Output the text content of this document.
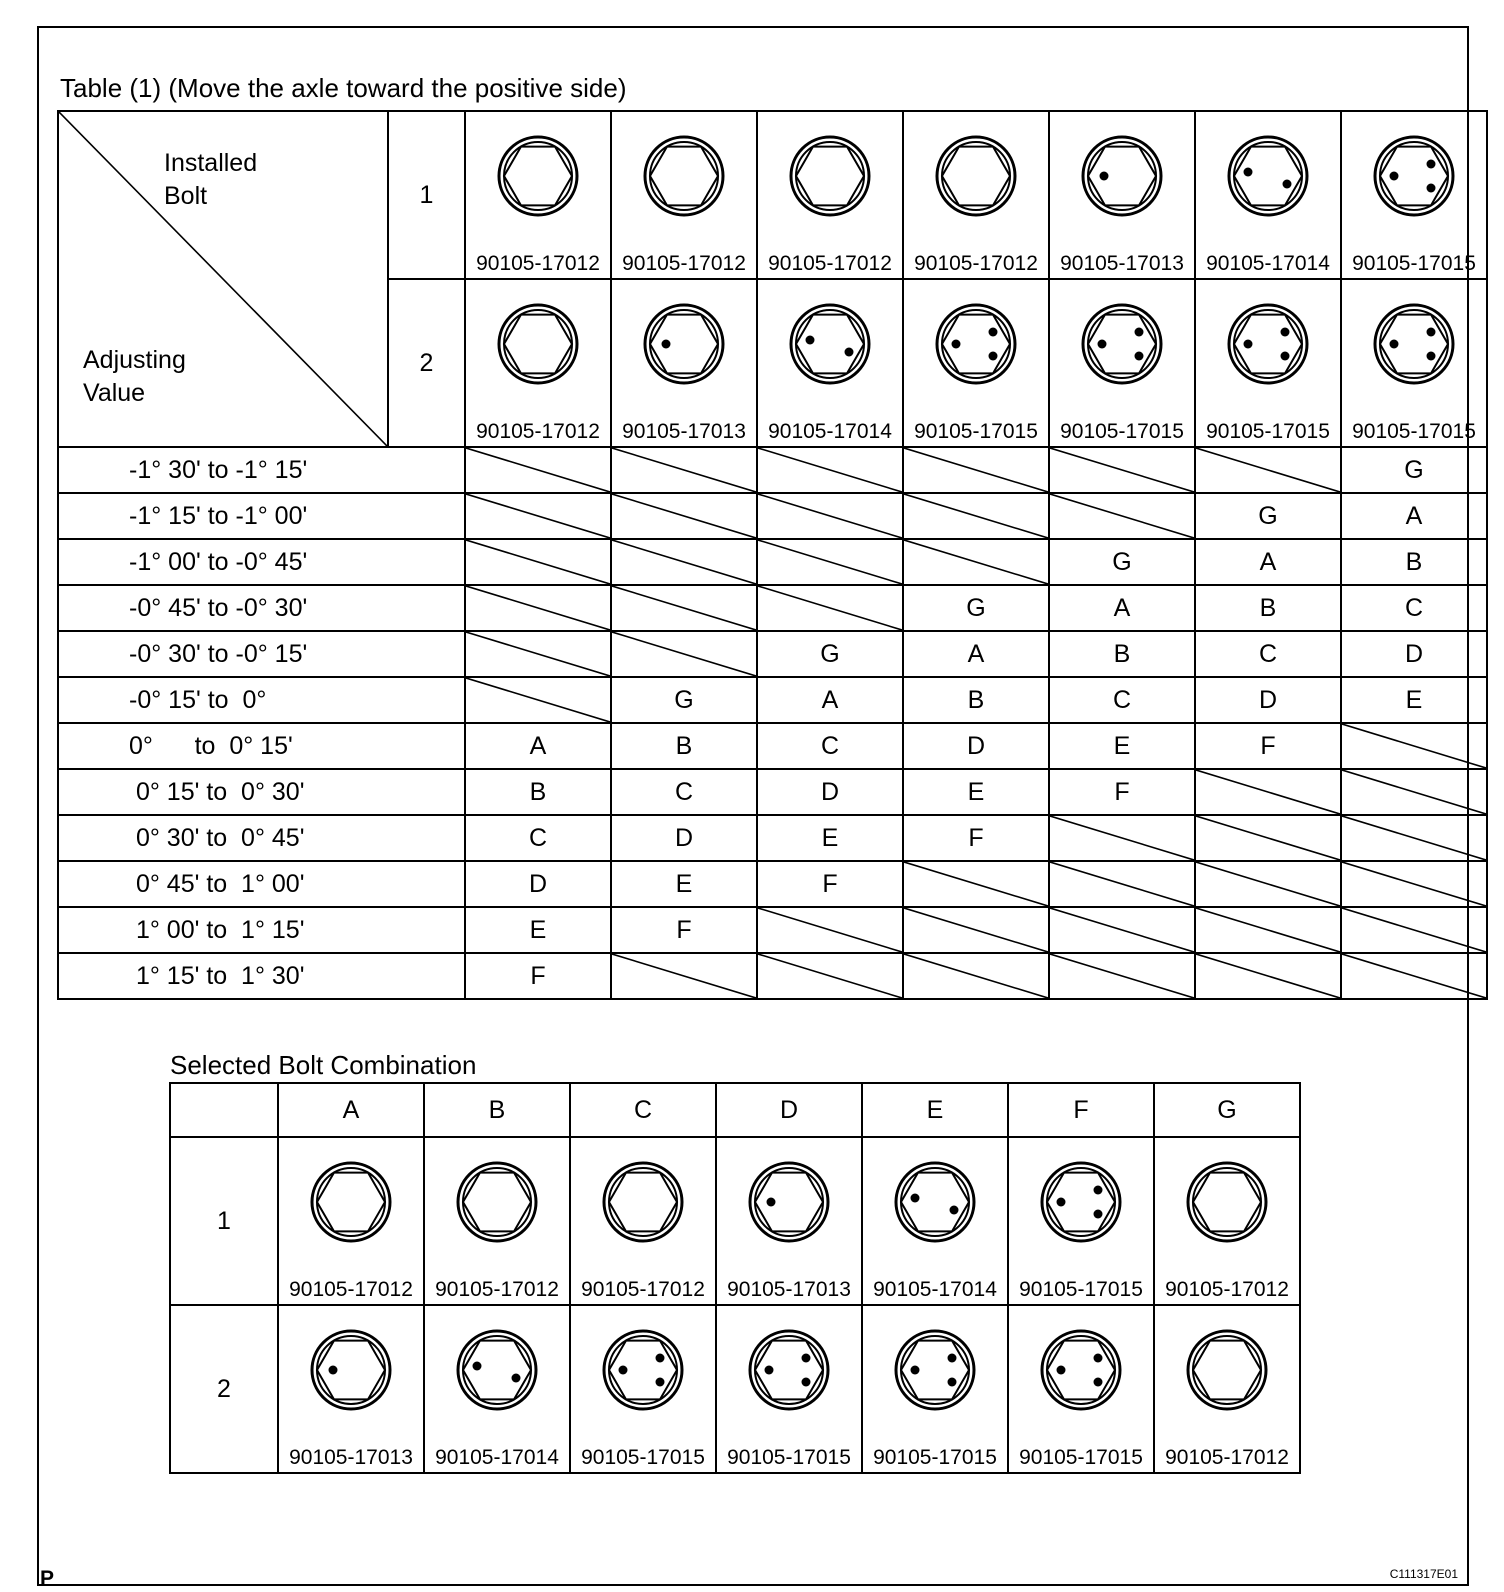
Table (1) (Move the axle toward the positive side)
Installed
Bolt
Adjusting
Value	1	90105-17012	90105-17012	90105-17012	90105-17012	90105-17013	90105-17014	90105-17015

	2	90105-17012	90105-17013	90105-17014	90105-17015	90105-17015	90105-17015	90105-17015

-1° 30' to -1° 15'								G
-1° 15' to -1° 00'							G	A
-1° 00' to -0° 45'						G	A	B
-0° 45' to -0° 30'					G	A	B	C
-0° 30' to -0° 15'				G	A	B	C	D
-0° 15' to  0°			G	A	B	C	D	E
0°      to  0° 15'		A	B	C	D	E	F	

0° 15' to  0° 30'		B	C	D	E	F	

0° 30' to  0° 45'		C	D	E	F	

0° 45' to  1° 00'		D	E	F	

1° 00' to  1° 15'		E	F	

1° 15' to  1° 30'		F	

Selected Bolt Combination
	A	B	C	D	E	F	G
1	90105-17012	90105-17012	90105-17012	90105-17013	90105-17014	90105-17015	90105-17012

2	90105-17013	90105-17014	90105-17015	90105-17015	90105-17015	90105-17015	90105-17012
P	C111317E01
